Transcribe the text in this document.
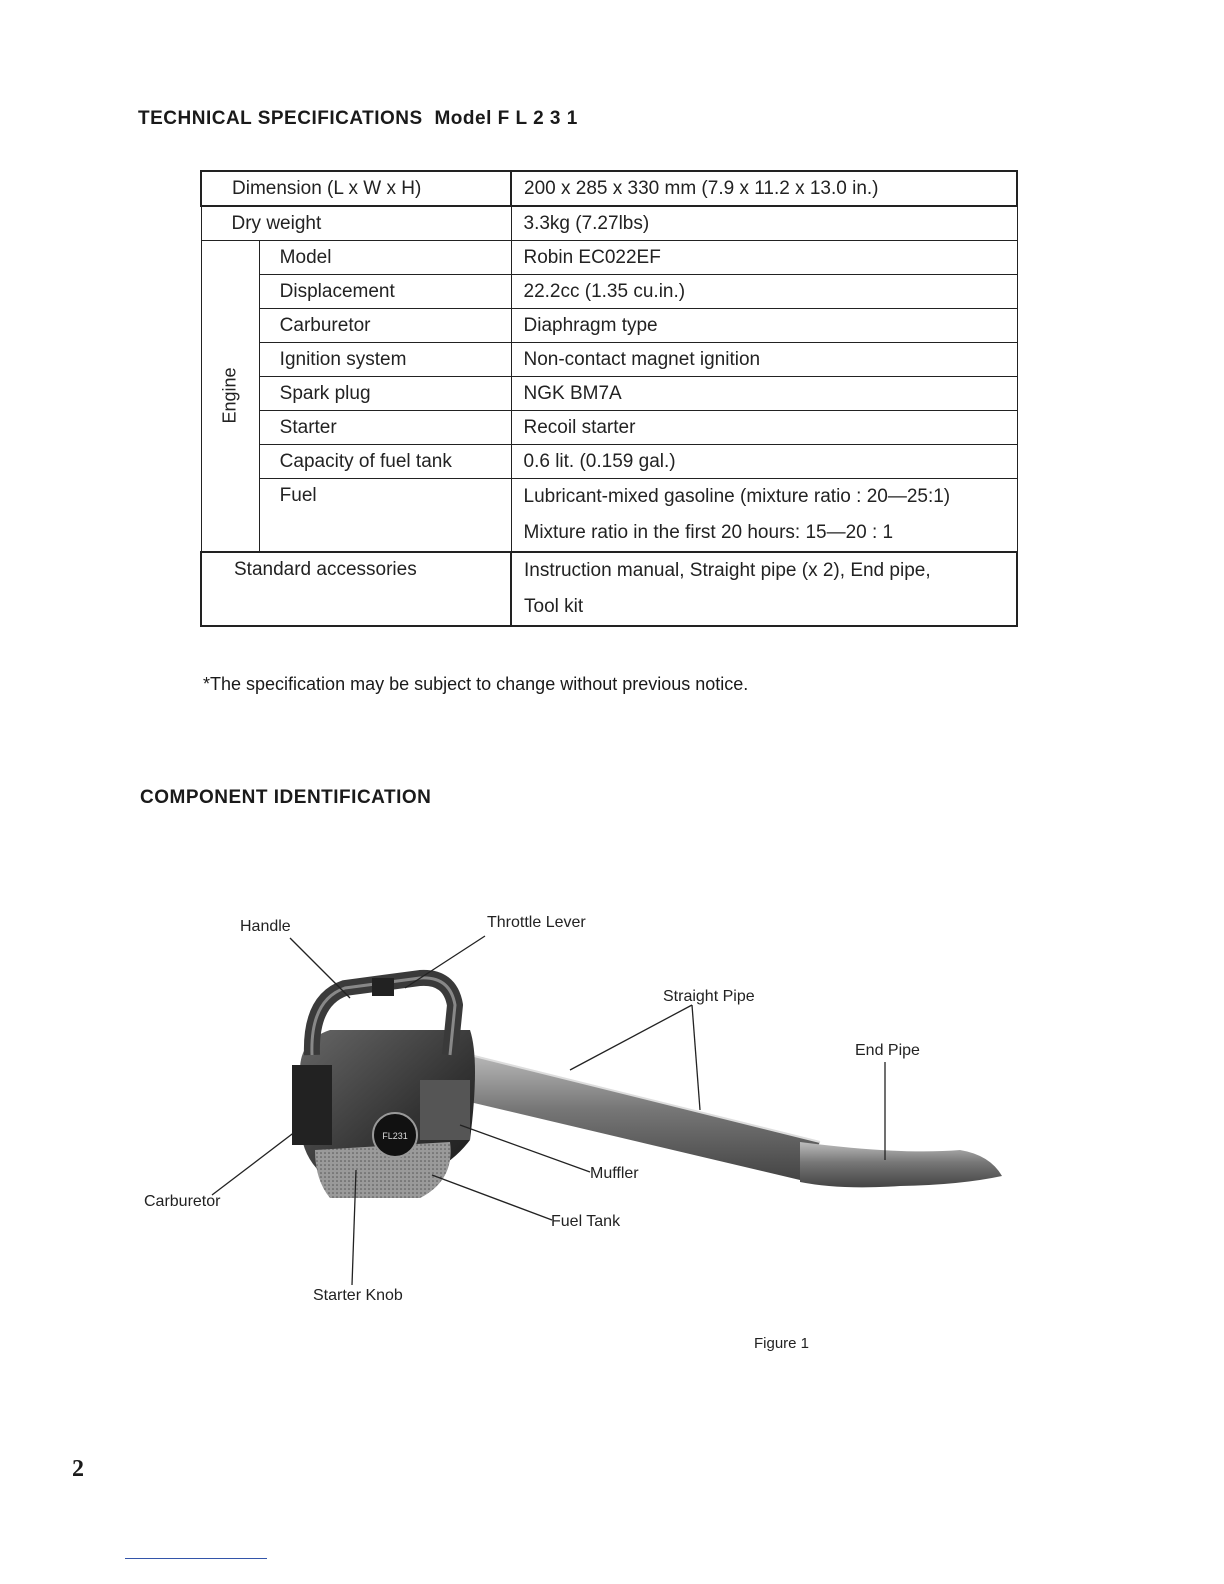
TECHNICAL SPECIFICATIONS Model F L 2 3 1
Dimension (L x W x H)		200 x 285 x 330 mm (7.9 x 11.2 x 13.0 in.)
Dry weight		3.3kg (7.27lbs)
Engine	Model	Robin EC022EF
	Displacement	22.2cc (1.35 cu.in.)
	Carburetor	Diaphragm type
	Ignition system	Non-contact magnet ignition
	Spark plug	NGK BM7A
	Starter	Recoil starter
	Capacity of fuel tank	0.6 lit. (0.159 gal.)
	Fuel	Lubricant-mixed gasoline (mixture ratio : 20—25:1)
Mixture ratio in the first 20 hours: 15—20 : 1

Standard accessories		Instruction manual, Straight pipe (x 2), End pipe,
Tool kit
*The specification may be subject to change without previous notice.
COMPONENT IDENTIFICATION
FL231
Handle	Throttle Lever
Straight Pipe
End Pipe
Muffler
Fuel Tank
Carburetor
Starter Knob
Figure 1
2
